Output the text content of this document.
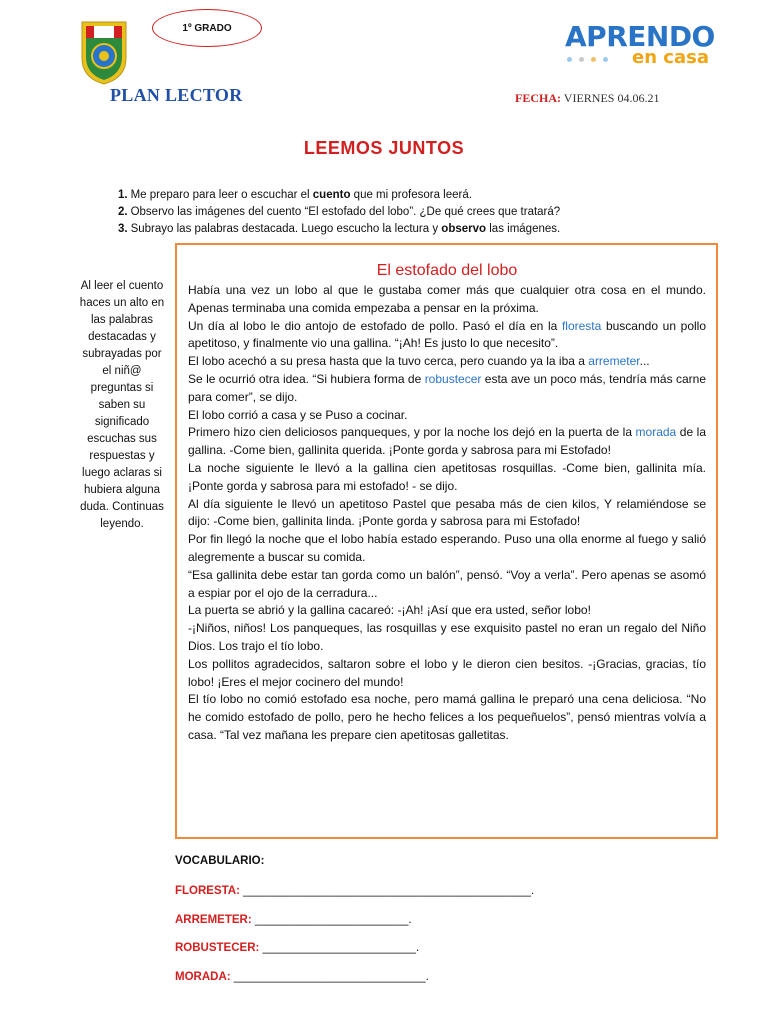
1º GRADO
PLAN LECTOR	FECHA: VIERNES 04.06.21
APRENDO
en casa
LEEMOS JUNTOS
1. Me preparo para leer o escuchar el cuento que mi profesora leerá.
2. Observo las imágenes del cuento “El estofado del lobo”. ¿De qué crees que tratará?
3. Subrayo las palabras destacada. Luego escucho la lectura y observo las imágenes.
Al leer el cuento haces un alto en las palabras destacadas y subrayadas por el niñ@ preguntas si saben su significado escuchas sus respuestas y luego aclaras si hubiera alguna duda. Continuas leyendo.
El estofado del lobo
Había una vez un lobo al que le gustaba comer más que cualquier otra cosa en el mundo. Apenas terminaba una comida empezaba a pensar en la próxima.
Un día al lobo le dio antojo de estofado de pollo. Pasó el día en la floresta buscando un pollo apetitoso, y finalmente vio una gallina. “¡Ah! Es justo lo que necesito”.
El lobo acechó a su presa hasta que la tuvo cerca, pero cuando ya la iba a arremeter...
Se le ocurrió otra idea. “Si hubiera forma de robustecer esta ave un poco más, tendría más carne para comer”, se dijo.
El lobo corrió a casa y se Puso a cocinar.
Primero hizo cien deliciosos panqueques, y por la noche los dejó en la puerta de la morada de la gallina. -Come bien, gallinita querida. ¡Ponte gorda y sabrosa para mi Estofado!
La noche siguiente le llevó a la gallina cien apetitosas rosquillas. -Come bien, gallinita mía. ¡Ponte gorda y sabrosa para mi estofado! - se dijo.
Al día siguiente le llevó un apetitoso Pastel que pesaba más de cien kilos, Y relamiéndose se dijo: -Come bien, gallinita linda. ¡Ponte gorda y sabrosa para mi Estofado!
Por fin llegó la noche que el lobo había estado esperando. Puso una olla enorme al fuego y salió alegremente a buscar su comida.
“Esa gallinita debe estar tan gorda como un balón”, pensó. “Voy a verla”. Pero apenas se asomó a espiar por el ojo de la cerradura...
La puerta se abrió y la gallina cacareó: -¡Ah! ¡Así que era usted, señor lobo!
-¡Niños, niños! Los panqueques, las rosquillas y ese exquisito pastel no eran un regalo del Niño Dios. Los trajo el tío lobo.
Los pollitos agradecidos, saltaron sobre el lobo y le dieron cien besitos. -¡Gracias, gracias, tío lobo! ¡Eres el mejor cocinero del mundo!
El tío lobo no comió estofado esa noche, pero mamá gallina le preparó una cena deliciosa. “No he comido estofado de pollo, pero he hecho felices a los pequeñuelos”, pensó mientras volvía a casa. “Tal vez mañana les prepare cien apetitosas galletitas.
VOCABULARIO:
FLORESTA: _____________________________________________.
ARREMETER: ________________________.
ROBUSTECER: ________________________.
MORADA: ______________________________.
